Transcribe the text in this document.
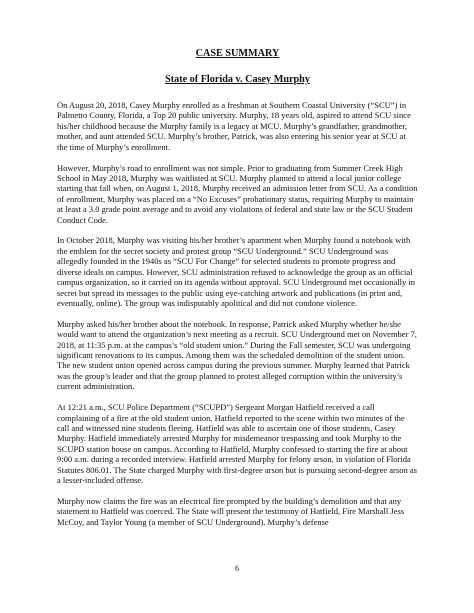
CASE SUMMARY
State of Florida v. Casey Murphy

On August 20, 2018, Casey Murphy enrolled as a freshman at Southern Coastal University (“SCU”) in Palmetto County, Florida, a Top 20 public university. Murphy, 18 years old, aspired to attend SCU since his/her childhood because the Murphy family is a legacy at MCU. Murphy’s grandfather, grandmother, mother, and aunt attended SCU. Murphy’s brother, Patrick, was also entering his senior year at SCU at the time of Murphy’s enrollment.

However, Murphy’s road to enrollment was not simple. Prior to graduating from Summer Creek High School in May 2018, Murphy was waitlisted at SCU. Murphy planned to attend a local junior college starting that fall when, on August 1, 2018, Murphy received an admission letter from SCU. As a condition of enrollment, Murphy was placed on a “No Excuses” probationary status, requiring Murphy to maintain at least a 3.0 grade point average and to avoid any violations of federal and state law or the SCU Student Conduct Code.

In October 2018, Murphy was visiting his/her brother’s apartment when Murphy found a notebook with the emblem for the secret society and protest group “SCU Underground.” SCU Underground was allegedly founded in the 1940s as “SCU For Change” for selected students to promote progress and diverse ideals on campus. However, SCU administration refused to acknowledge the group as an official campus organization, so it carried on its agenda without approval. SCU Underground met occasionally in secret but spread its messages to the public using eye-catching artwork and publications (in print and, eventually, online). The group was indisputably apolitical and did not condone violence.

Murphy asked his/her brother about the notebook. In response, Patrick asked Murphy whether he/she would want to attend the organization’s next meeting as a recruit. SCU Underground met on November 7, 2018, at 11:35 p.m. at the campus’s “old student union.” During the Fall semester, SCU was undergoing significant renovations to its campus. Among them was the scheduled demolition of the student union. The new student union opened across campus during the previous summer. Murphy learned that Patrick was the group’s leader and that the group planned to protest alleged corruption within the university’s current administration.

At 12:21 a.m., SCU Police Department (“SCUPD”) Sergeant Morgan Hatfield received a call complaining of a fire at the old student union. Hatfield reported to the scene within two minutes of the call and witnessed nine students fleeing. Hatfield was able to ascertain one of those students, Casey Murphy. Hatfield immediately arrested Murphy for misdemeanor trespassing and took Murphy to the SCUPD station house on campus. According to Hatfield, Murphy confessed to starting the fire at about 9:00 a.m. during a recorded interview. Hatfield arrested Murphy for felony arson, in violation of Florida Statutes 806.01. The State charged Murphy with first-degree arson but is pursuing second-degree arson as a lesser-included offense.

Murphy now claims the fire was an electrical fire prompted by the building’s demolition and that any statement to Hatfield was coerced. The State will present the testimony of Hatfield, Fire Marshall Jess McCoy, and Taylor Young (a member of SCU Underground). Murphy’s defense

6
